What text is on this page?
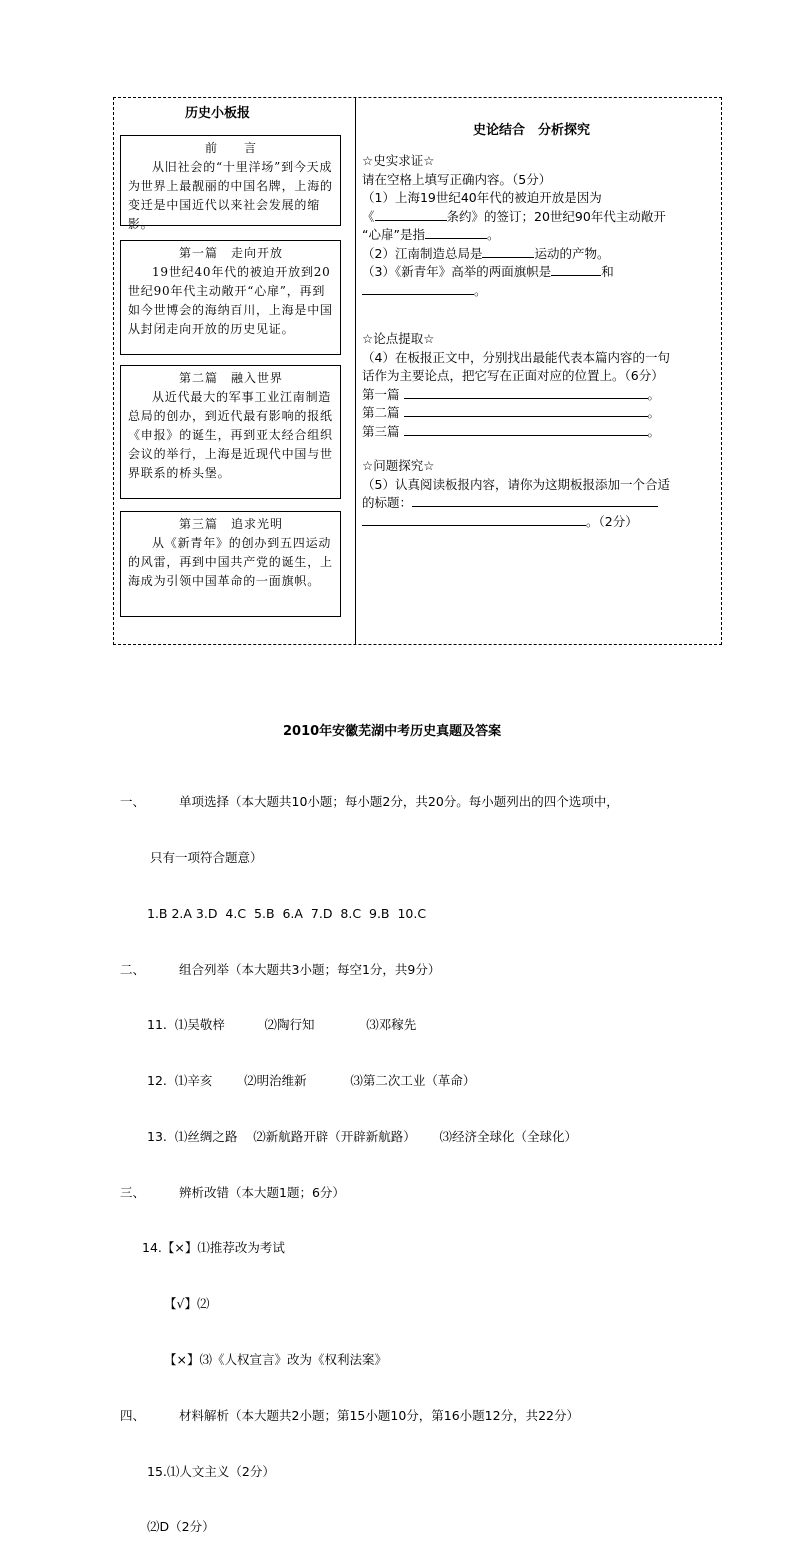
历史小板报
前　　言
从旧社会的“十里洋场”到今天成为世界上最靓丽的中国名牌，上海的变迁是中国近代以来社会发展的缩影。
第一篇　走向开放
19世纪40年代的被迫开放到20世纪90年代主动敞开“心扉”，再到如今世博会的海纳百川，上海是中国从封闭走向开放的历史见证。
第二篇　融入世界
从近代最大的军事工业江南制造总局的创办，到近代最有影响的报纸《申报》的诞生，再到亚太经合组织会议的举行，上海是近现代中国与世界联系的桥头堡。
第三篇　追求光明
从《新青年》的创办到五四运动的风雷，再到中国共产党的诞生，上海成为引领中国革命的一面旗帜。
史论结合　分析探究
☆史实求证☆
请在空格上填写正确内容。（5分）
（1）上海19世纪40年代的被迫开放是因为
《	条约》的签订；20世纪90年代主动敞开
“心扉”是指	。
（2）江南制造总局是	运动的产物。
（3）《新青年》高举的两面旗帜是	和
。
☆论点提取☆
（4）在板报正文中，分别找出最能代表本篇内容的一句
话作为主要论点，把它写在正面对应的位置上。（6分）
第一篇	。
第二篇	。
第三篇	。
☆问题探究☆
（5）认真阅读板报内容，请你为这期板报添加一个合适
的标题：
。（2分）
2010年安徽芜湖中考历史真题及答案

一、	单项选择（本大题共10小题；每小题2分，共20分。每小题列出的四个选项中，

只有一项符合题意）

1.B 2.A 3.D  4.C  5.B  6.A  7.D  8.C  9.B  10.C

二、	组合列举（本大题共3小题；每空1分，共9分）

11.  ⑴吴敬梓          ⑵陶行知             ⑶邓稼先

12.  ⑴辛亥        ⑵明治维新           ⑶第二次工业（革命）

13.  ⑴丝绸之路    ⑵新航路开辟（开辟新航路）      ⑶经济全球化（全球化）

三、	辨析改错（本大题1题；6分）

14.【×】⑴推荐改为考试

【√】⑵

【×】⑶《人权宣言》改为《权利法案》

四、	材料解析（本大题共2小题；第15小题10分，第16小题12分，共22分）

15.⑴人文主义（2分）

⑵D（2分）
